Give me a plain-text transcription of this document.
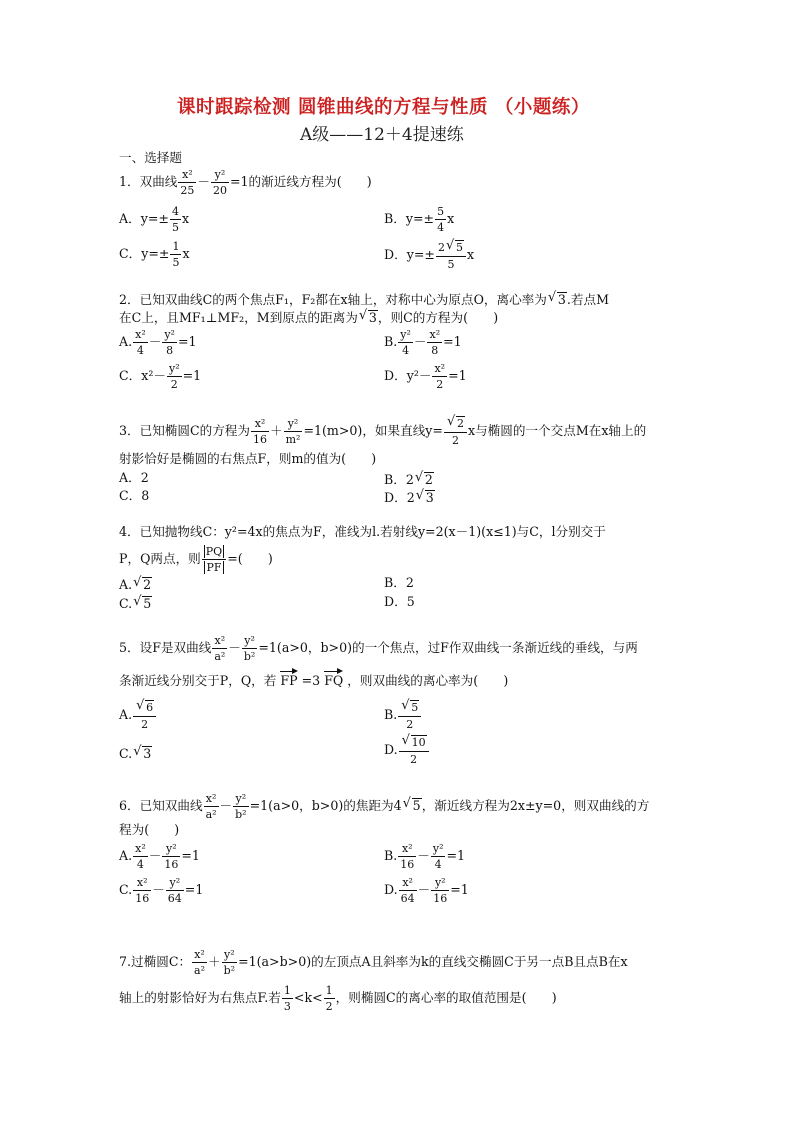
课时跟踪检测 圆锥曲线的方程与性质 （小题练）
A级——12＋4提速练
一、选择题
1．双曲线 $\frac{\text{x²}}{25} - \frac{\text{y²}}{20} =1$的渐近线方程为(　　)
A．$y=\pm \frac{4}{5}$ x	B．$y=\pm \frac{5}{4}$ x
C．$y=\pm \frac{1}{5}$ x	D．$y=\pm \frac{2 √ 5}{5}$ x
2．已知双曲线C的两个焦点F₁，F₂都在x轴上，对称中心为原点O，离心率为 √ 3.若点M
在C上，且MF₁⊥MF₂，M到原点的距离为 √ 3，则C的方程为(　　)
A. $\frac{\text{x²}}{4} - \frac{\text{y²}}{8} =1$	B. $\frac{\text{y²}}{4} - \frac{\text{x²}}{8} =1$
C．$x^2- \frac{\text{y²}}{2} =1$	D．$y^2- \frac{\text{x²}}{2} =1$
3．已知椭圆C的方程为 $\frac{\text{x²}}{16} + \frac{\text{y²}}{\text{m²}} =1(m>0)$，如果直线y= √ $\frac{2}{2}$ x与椭圆的一个交点M在x轴上的
射影恰好是椭圆的右焦点F，则m的值为(　　)
A．2	B．2 √ 2
C．8	D．2 √ 3
4．已知抛物线C：y²=4x的焦点为F，准线为l.若射线y=2(x－1)(x≤1)与C，l分别交于
P，Q两点，则 $\frac{PQ}{PF}$ =(　　)
A. √ 2	B．2
C. √ 5	D．5
5．设F是双曲线 $\frac{\text{x²}}{\text{a²}} - \frac{\text{y²}}{\text{b²}} =1(a>0$，b>0)的一个焦点，过F作双曲线一条渐近线的垂线，与两
条渐近线分别交于P，Q，若 FP =3 FQ ，则双曲线的离心率为(　　)
A. √ $\frac{6}{2}$	B. √ $\frac{5}{2}$
C. √ 3	D. √ $\frac{10}{2}$
6．已知双曲线 $\frac{\text{x²}}{\text{a²}} - \frac{\text{y²}}{\text{b²}} =1(a>0$，b>0)的焦距为4 √ 5，渐近线方程为2x±y=0，则双曲线的方
程为(　　)
A. $\frac{\text{x²}}{4} - \frac{\text{y²}}{16} =1$	B. $\frac{\text{x²}}{16} - \frac{\text{y²}}{4} =1$
C. $\frac{\text{x²}}{16} - \frac{\text{y²}}{64} =1$	D. $\frac{\text{x²}}{64} - \frac{\text{y²}}{16} =1$
7.过椭圆C： $\frac{\text{x²}}{\text{a²}} + \frac{\text{y²}}{\text{b²}} =1(a>b>0)$的左顶点A且斜率为k的直线交椭圆C于另一点B且点B在x
轴上的射影恰好为右焦点F.若 $\frac{1}{3} <k< \frac{1}{2}$ ，则椭圆C的离心率的取值范围是(　　)
